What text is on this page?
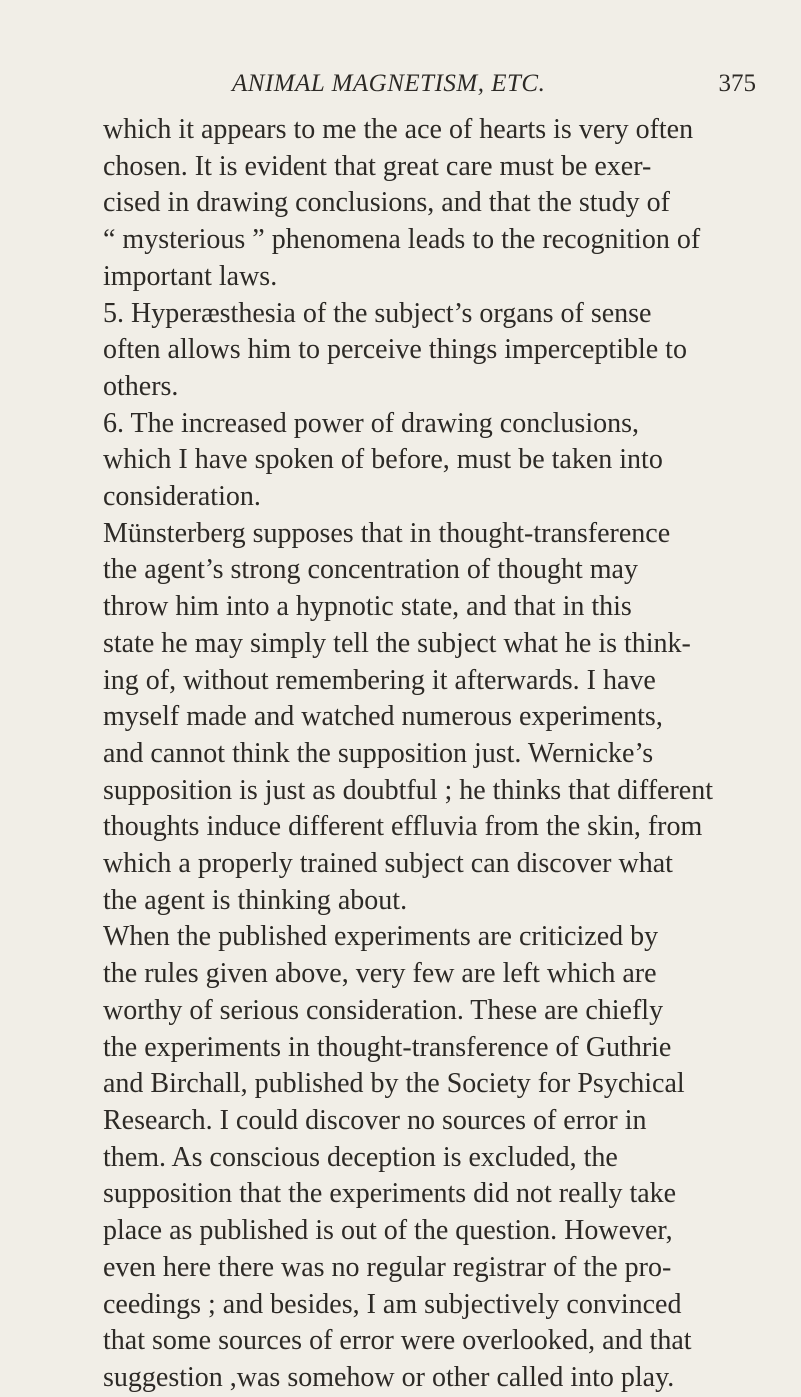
ANIMAL MAGNETISM, ETC.	375

which it appears to me the ace of hearts is very often
chosen. It is evident that great care must be exer-
cised in drawing conclusions, and that the study of
“ mysterious ” phenomena leads to the recognition of
important laws.

5. Hyperæsthesia of the subject’s organs of sense
often allows him to perceive things imperceptible to
others.

6. The increased power of drawing conclusions,
which I have spoken of before, must be taken into
consideration.

Münsterberg supposes that in thought-transference
the agent’s strong concentration of thought may
throw him into a hypnotic state, and that in this
state he may simply tell the subject what he is think-
ing of, without remembering it afterwards. I have
myself made and watched numerous experiments,
and cannot think the supposition just. Wernicke’s
supposition is just as doubtful ; he thinks that different
thoughts induce different effluvia from the skin, from
which a properly trained subject can discover what
the agent is thinking about.

When the published experiments are criticized by
the rules given above, very few are left which are
worthy of serious consideration. These are chiefly
the experiments in thought-transference of Guthrie
and Birchall, published by the Society for Psychical
Research. I could discover no sources of error in
them. As conscious deception is excluded, the
supposition that the experiments did not really take
place as published is out of the question. However,
even here there was no regular registrar of the pro-
ceedings ; and besides, I am subjectively convinced
that some sources of error were overlooked, and that
suggestion ,was somehow or other called into play.
